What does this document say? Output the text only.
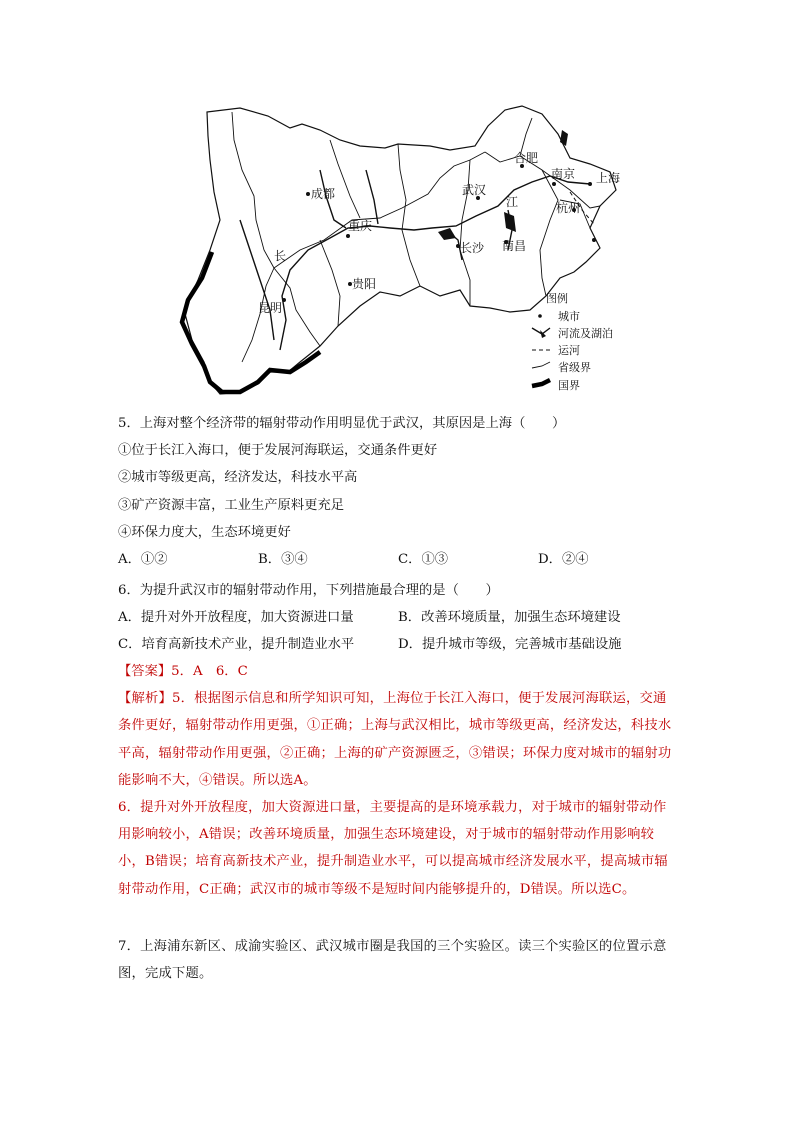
合肥
南京 上海
成都	武汉
江	杭州
重庆
长沙 南昌
长
贵阳
昆明
图例
城市
河流及湖泊
运河
省级界
国界
5．上海对整个经济带的辐射带动作用明显优于武汉，其原因是上海（　　）
①位于长江入海口，便于发展河海联运，交通条件更好
②城市等级更高，经济发达，科技水平高
③矿产资源丰富，工业生产原料更充足
④环保力度大，生态环境更好
A．①②	B．③④	C．①③	D．②④
6．为提升武汉市的辐射带动作用，下列措施最合理的是（　　）
A．提升对外开放程度，加大资源进口量	B．改善环境质量，加强生态环境建设
C．培育高新技术产业，提升制造业水平	D．提升城市等级，完善城市基础设施
【答案】5．A　6．C
【解析】5．根据图示信息和所学知识可知，上海位于长江入海口，便于发展河海联运，交通条件更好，辐射带动作用更强，①正确；上海与武汉相比，城市等级更高，经济发达，科技水平高，辐射带动作用更强，②正确；上海的矿产资源匮乏，③错误；环保力度对城市的辐射功能影响不大，④错误。所以选A。
6．提升对外开放程度，加大资源进口量，主要提高的是环境承载力，对于城市的辐射带动作用影响较小，A错误；改善环境质量，加强生态环境建设，对于城市的辐射带动作用影响较小，B错误；培育高新技术产业，提升制造业水平，可以提高城市经济发展水平，提高城市辐射带动作用，C正确；武汉市的城市等级不是短时间内能够提升的，D错误。所以选C。
7．上海浦东新区、成渝实验区、武汉城市圈是我国的三个实验区。读三个实验区的位置示意图，完成下题。
